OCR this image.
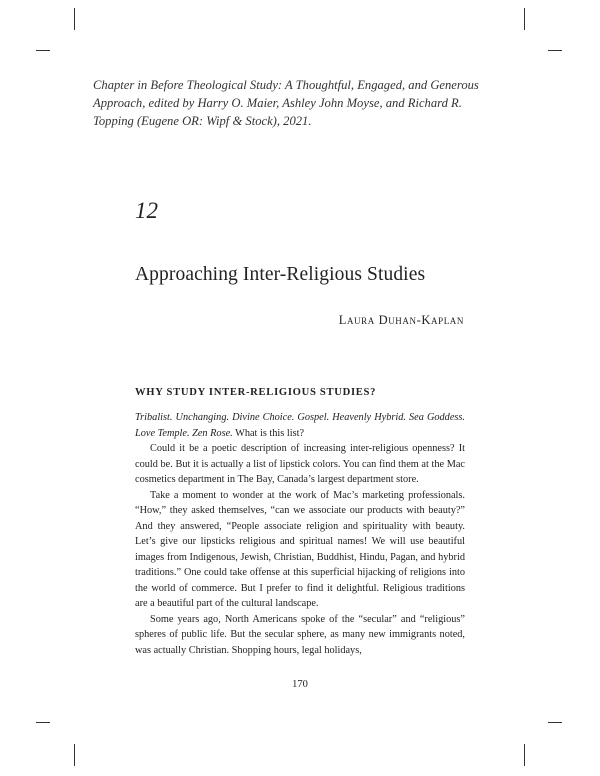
Chapter in Before Theological Study: A Thoughtful, Engaged, and Generous Approach, edited by Harry O. Maier, Ashley John Moyse, and Richard R. Topping (Eugene OR: Wipf & Stock), 2021.
12
Approaching Inter-Religious Studies
Laura Duhan-Kaplan
WHY STUDY INTER-RELIGIOUS STUDIES?

Tribalist. Unchanging. Divine Choice. Gospel. Heavenly Hybrid. Sea Goddess. Love Temple. Zen Rose. What is this list?

Could it be a poetic description of increasing inter-religious openness? It could be. But it is actually a list of lipstick colors. You can find them at the Mac cosmetics department in The Bay, Canada’s largest department store.

Take a moment to wonder at the work of Mac’s marketing professionals. “How,” they asked themselves, “can we associate our products with beauty?” And they answered, “People associate religion and spirituality with beauty. Let’s give our lipsticks religious and spiritual names! We will use beautiful images from Indigenous, Jewish, Christian, Buddhist, Hindu, Pagan, and hybrid traditions.” One could take offense at this superficial hijacking of religions into the world of commerce. But I prefer to find it delightful. Religious traditions are a beautiful part of the cultural landscape.

Some years ago, North Americans spoke of the “secular” and “religious” spheres of public life. But the secular sphere, as many new immigrants noted, was actually Christian. Shopping hours, legal holidays,

170
